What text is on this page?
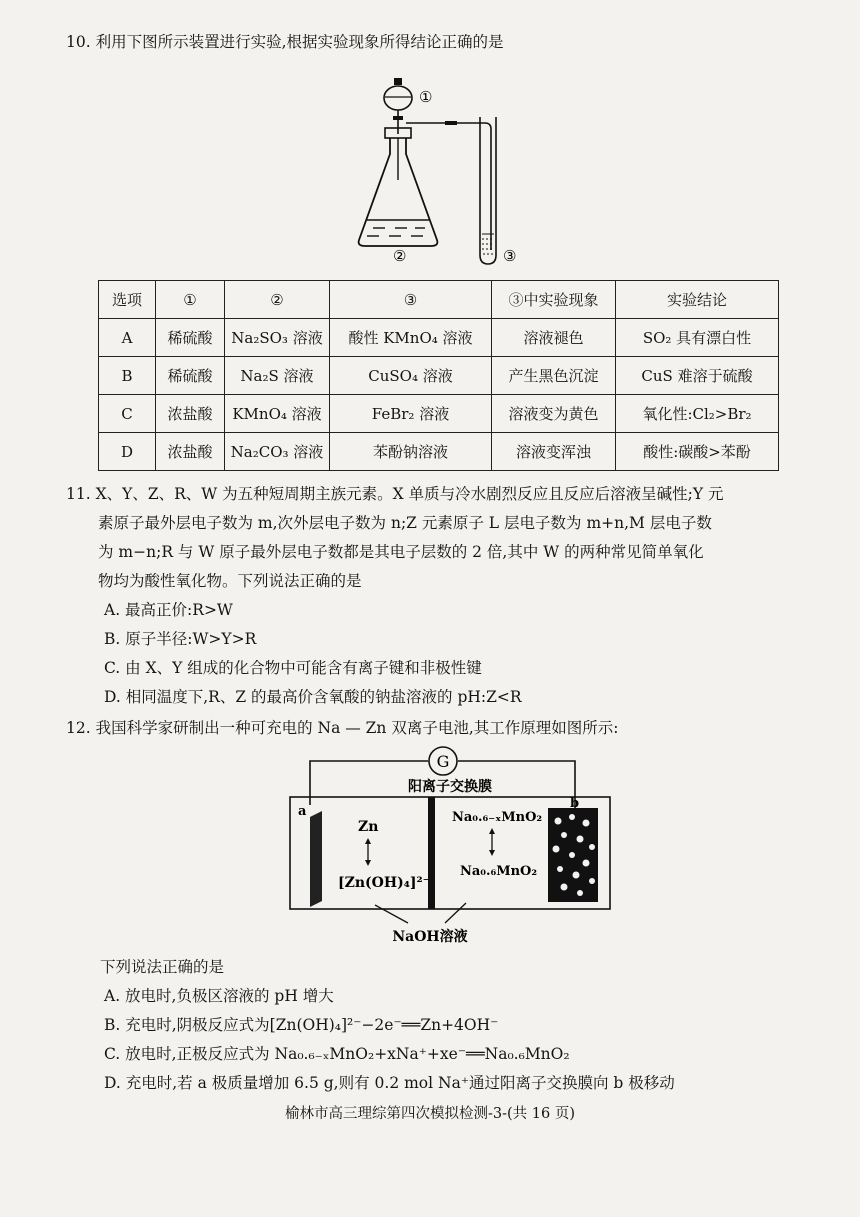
10. 利用下图所示装置进行实验,根据实验现象所得结论正确的是
①
②	③
选项	①	②	③	③中实验现象	实验结论
A	稀硫酸	Na₂SO₃ 溶液	酸性 KMnO₄ 溶液	溶液褪色	SO₂ 具有漂白性
B	稀硫酸	Na₂S 溶液	CuSO₄ 溶液	产生黑色沉淀	CuS 难溶于硫酸
C	浓盐酸	KMnO₄ 溶液	FeBr₂ 溶液	溶液变为黄色	氧化性:Cl₂>Br₂
D	浓盐酸	Na₂CO₃ 溶液	苯酚钠溶液	溶液变浑浊	酸性:碳酸>苯酚
11. X、Y、Z、R、W 为五种短周期主族元素。X 单质与冷水剧烈反应且反应后溶液呈碱性;Y 元
素原子最外层电子数为 m,次外层电子数为 n;Z 元素原子 L 层电子数为 m+n,M 层电子数
为 m−n;R 与 W 原子最外层电子数都是其电子层数的 2 倍,其中 W 的两种常见简单氧化
物均为酸性氧化物。下列说法正确的是
A. 最高正价:R>W
B. 原子半径:W>Y>R
C. 由 X、Y 组成的化合物中可能含有离子键和非极性键
D. 相同温度下,R、Z 的最高价含氧酸的钠盐溶液的 pH:Z<R
12. 我国科学家研制出一种可充电的 Na — Zn 双离子电池,其工作原理如图所示:
G
阳离子交换膜
a
b
Zn
[Zn(OH)₄]²⁻
Na₀.₆₋ₓMnO₂
Na₀.₆MnO₂
NaOH溶液
下列说法正确的是
A. 放电时,负极区溶液的 pH 增大
B. 充电时,阴极反应式为[Zn(OH)₄]²⁻−2e⁻══Zn+4OH⁻
C. 放电时,正极反应式为 Na₀.₆₋ₓMnO₂+xNa⁺+xe⁻══Na₀.₆MnO₂
D. 充电时,若 a 极质量增加 6.5 g,则有 0.2 mol Na⁺通过阳离子交换膜向 b 极移动
榆林市高三理综第四次模拟检测-3-(共 16 页)
